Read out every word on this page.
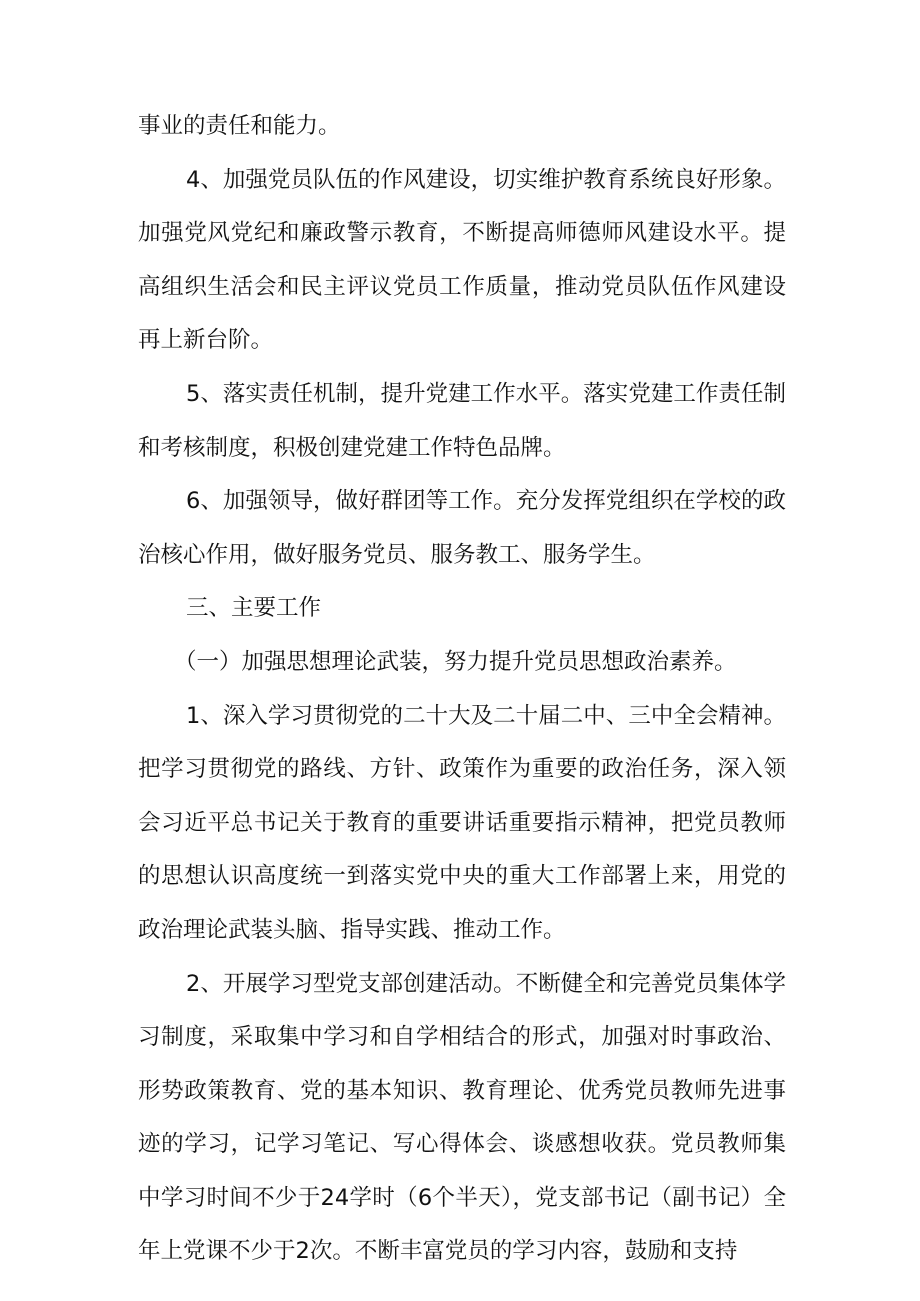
事业的责任和能力。

4、加强党员队伍的作风建设，切实维护教育系统良好形象。加强党风党纪和廉政警示教育，不断提高师德师风建设水平。提高组织生活会和民主评议党员工作质量，推动党员队伍作风建设再上新台阶。

5、落实责任机制，提升党建工作水平。落实党建工作责任制和考核制度，积极创建党建工作特色品牌。

6、加强领导，做好群团等工作。充分发挥党组织在学校的政治核心作用，做好服务党员、服务教工、服务学生。

三、主要工作

（一）加强思想理论武装，努力提升党员思想政治素养。

1、深入学习贯彻党的二十大及二十届二中、三中全会精神。把学习贯彻党的路线、方针、政策作为重要的政治任务，深入领会习近平总书记关于教育的重要讲话重要指示精神，把党员教师的思想认识高度统一到落实党中央的重大工作部署上来，用党的政治理论武装头脑、指导实践、推动工作。

2、开展学习型党支部创建活动。不断健全和完善党员集体学习制度，采取集中学习和自学相结合的形式，加强对时事政治、形势政策教育、党的基本知识、教育理论、优秀党员教师先进事迹的学习，记学习笔记、写心得体会、谈感想收获。党员教师集中学习时间不少于24学时（6个半天），党支部书记（副书记）全年上党课不少于2次。不断丰富党员的学习内容，鼓励和支持
